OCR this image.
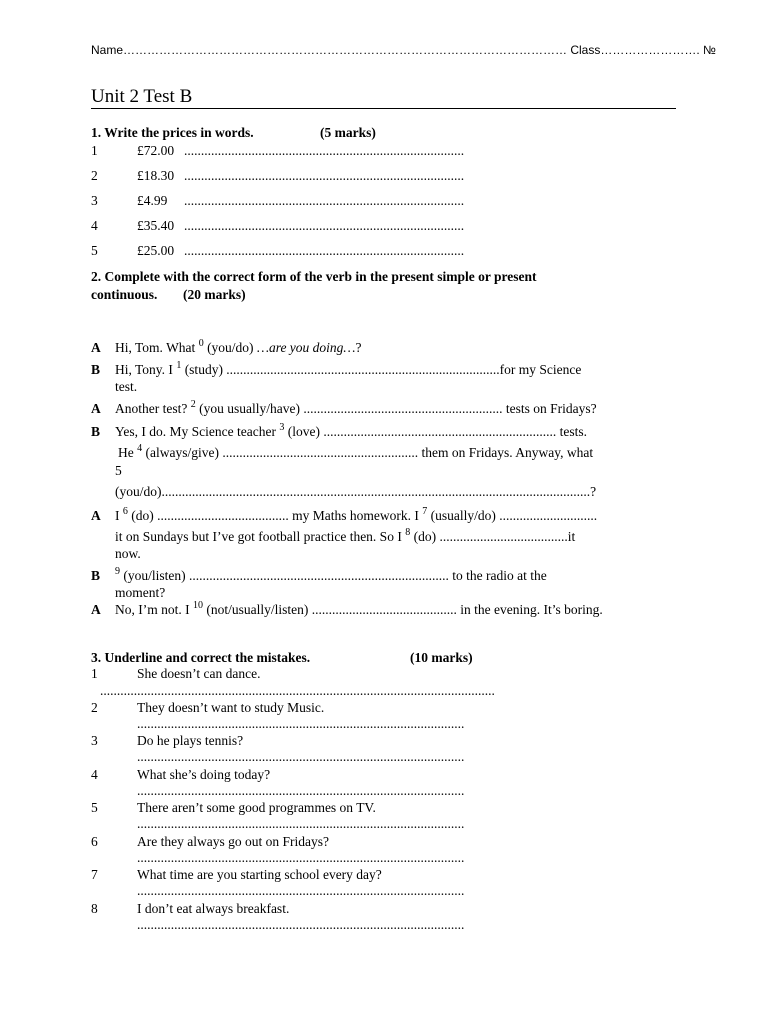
Name………………………………………………………………………………………………… Class……………………. №
Unit 2 Test B
1. Write the prices in words.	(5 marks)
1	£72.00 ...................................................................................
2	£18.30 ...................................................................................
3	£4.99 ...................................................................................
4	£35.40 ...................................................................................
5	£25.00 ...................................................................................
2. Complete with the correct form of the verb in the present simple or present
continuous. (20 marks)
A Hi, Tom. What $^0$ (you/do) …are you doing…?
B Hi, Tony. I $^1$ (study) .................................................................................for my Science
test.
A Another test? $^2$ (you usually/have) ........................................................... tests on Fridays?
B Yes, I do. My Science teacher $^3$ (love) ..................................................................... tests.
He $^4$ (always/give) .......................................................... them on Fridays. Anyway, what
5
(you/do)...............................................................................................................................?
A I $^6$ (do) ....................................... my Maths homework. I $^7$ (usually/do) .............................
it on Sundays but I’ve got football practice then. So I $^8$ (do) ......................................it
now.
B $^9$ (you/listen) ............................................................................. to the radio at the
moment?
A No, I’m not. I $^{10}$ (not/usually/listen) ........................................... in the evening. It’s boring.
3. Underline and correct the mistakes.	(10 marks)
1	She doesn’t can dance.
.....................................................................................................................
2	They doesn’t want to study Music.
.................................................................................................
3	Do he plays tennis?
.................................................................................................
4	What she’s doing today?
.................................................................................................
5	There aren’t some good programmes on TV.
.................................................................................................
6	Are they always go out on Fridays?
.................................................................................................
7	What time are you starting school every day?
.................................................................................................
8	I don’t eat always breakfast.
.................................................................................................
